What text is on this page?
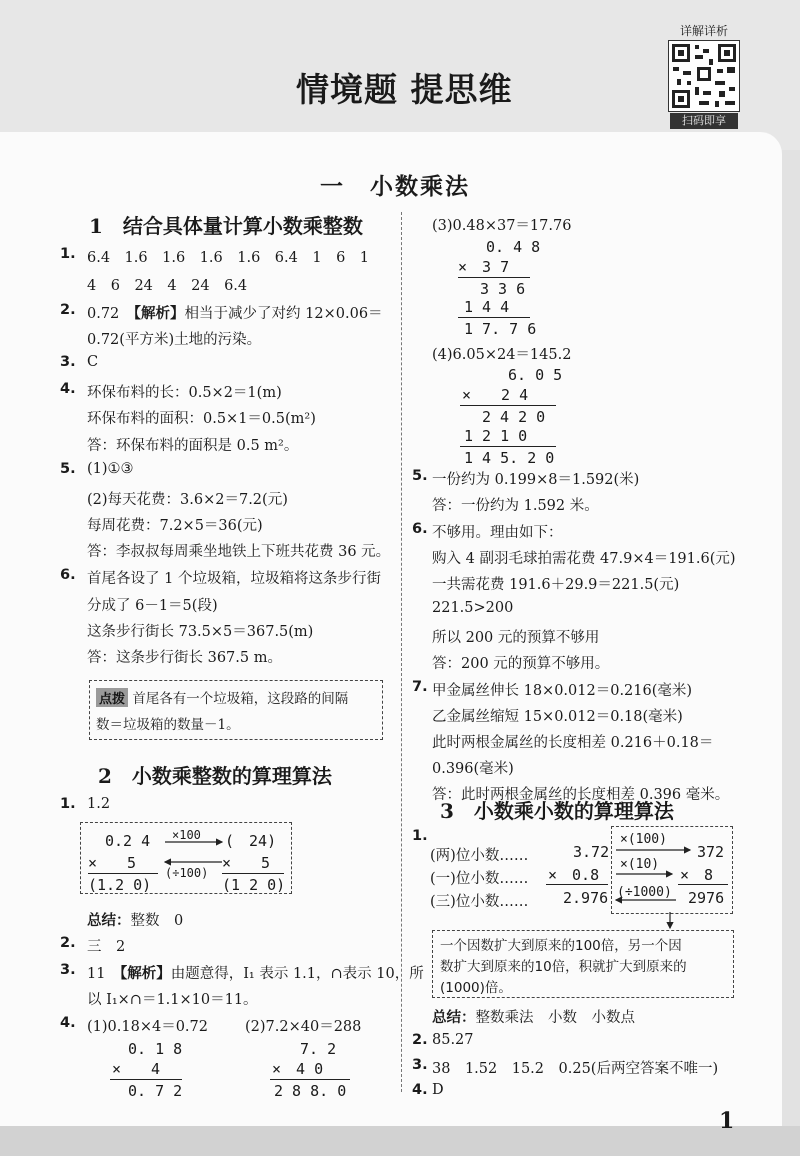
情境题 提思维
详解详析
扫码即享
一　小数乘法
1　结合具体量计算小数乘整数
1. 6.4　1.6　1.6　1.6　1.6　6.4　1　6　1
4　6　24　4　24　6.4
2. 0.72　【解析】相当于减少了对约 12×0.06＝
0.72(平方米)土地的污染。
3. C
4. 环保布料的长：0.5×2＝1(m)
环保布料的面积：0.5×1＝0.5(m²)
答：环保布料的面积是 0.5 m²。
5. (1)①③
(2)每天花费：3.6×2＝7.2(元)
每周花费：7.2×5＝36(元)
答：李叔叔每周乘坐地铁上下班共花费 36 元。
6. 首尾各设了 1 个垃圾箱，垃圾箱将这条步行街
分成了 6－1＝5(段)
这条步行街长 73.5×5＝367.5(m)
答：这条步行街长 367.5 m。
点拨 首尾各有一个垃圾箱，这段路的间隔
数＝垃圾箱的数量－1。
2　小数乘整数的算理算法
1. 1.2
0.2 4
×　　5
(1.2 0)
×100 (　24)
(÷100)
×　　5
(1 2 0)
总结：整数　0
2. 三　2
3. 11　【解析】由题意得，I₁ 表示 1.1，∩表示 10，所
以 I₁×∩＝1.1×10＝11。
4. (1)0.18×4＝0.72	(2)7.2×40＝288
0. 1 8
×　　4
0. 7 2
7. 2
×　4 0
2 8 8. 0
(3)0.48×37＝17.76
0. 4 8
×　3 7
3 3 6
1 4 4
1 7. 7 6
(4)6.05×24＝145.2
6. 0 5
×　　2 4
2 4 2 0
1 2 1 0
1 4 5. 2 0
5. 一份约为 0.199×8＝1.592(米)
答：一份约为 1.592 米。
6. 不够用。理由如下：
购入 4 副羽毛球拍需花费 47.9×4＝191.6(元)
一共需花费 191.6＋29.9＝221.5(元)
221.5>200
所以 200 元的预算不够用
答：200 元的预算不够用。
7. 甲金属丝伸长 18×0.012＝0.216(毫米)
乙金属丝缩短 15×0.012＝0.18(毫米)
此时两根金属丝的长度相差 0.216＋0.18＝
0.396(毫米)
答：此时两根金属丝的长度相差 0.396 毫米。
3　小数乘小数的算理算法
1.
(两)位小数……
(一)位小数……
(三)位小数……
3.72
×　0.8
2.976
×(100)
×(10)
(÷1000)
372
×　8
2976
一个因数扩大到原来的100倍，另一个因
数扩大到原来的10倍，积就扩大到原来的
(1000)倍。
总结：整数乘法　小数　小数点
2. 85.27
3. 38　1.52　15.2　0.25(后两空答案不唯一)
4. D
1
